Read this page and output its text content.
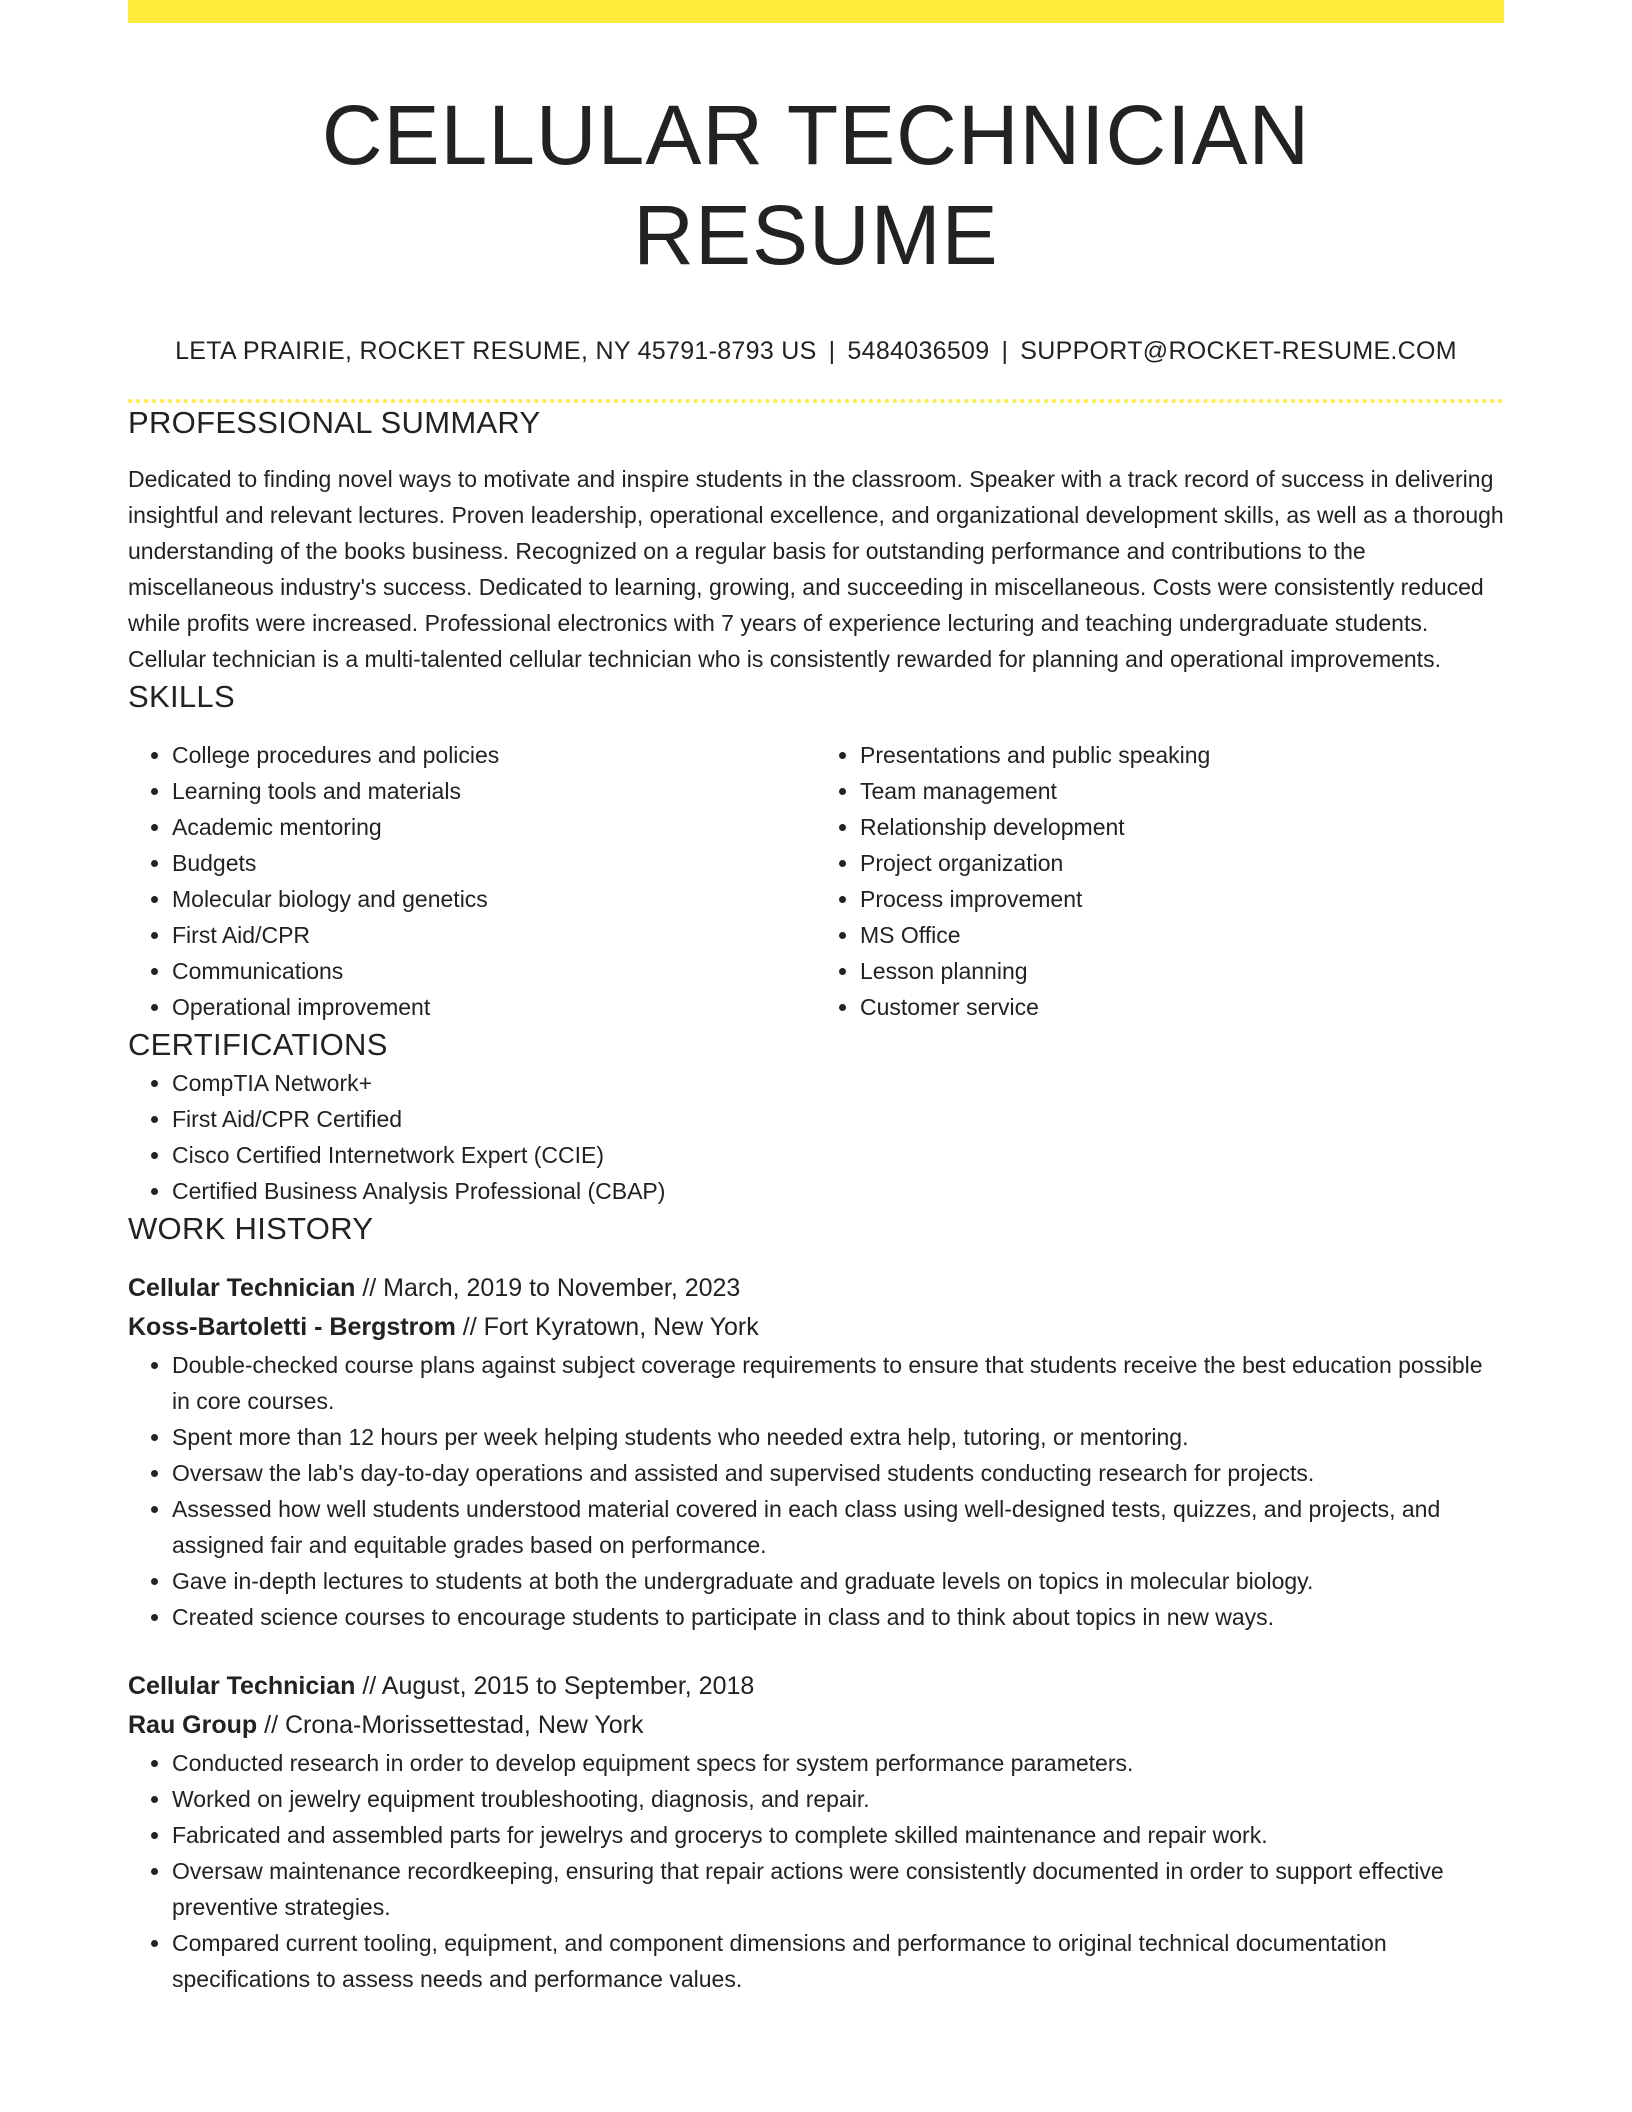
CELLULAR TECHNICIAN RESUME
LETA PRAIRIE, ROCKET RESUME, NY 45791-8793 US | 5484036509 | SUPPORT@ROCKET-RESUME.COM
PROFESSIONAL SUMMARY
Dedicated to finding novel ways to motivate and inspire students in the classroom. Speaker with a track record of success in delivering insightful and relevant lectures. Proven leadership, operational excellence, and organizational development skills, as well as a thorough understanding of the books business. Recognized on a regular basis for outstanding performance and contributions to the miscellaneous industry's success. Dedicated to learning, growing, and succeeding in miscellaneous. Costs were consistently reduced while profits were increased. Professional electronics with 7 years of experience lecturing and teaching undergraduate students. Cellular technician is a multi-talented cellular technician who is consistently rewarded for planning and operational improvements.
SKILLS
• College procedures and policies
• Learning tools and materials
• Academic mentoring
• Budgets
• Molecular biology and genetics
• First Aid/CPR
• Communications
• Operational improvement
• Presentations and public speaking
• Team management
• Relationship development
• Project organization
• Process improvement
• MS Office
• Lesson planning
• Customer service
CERTIFICATIONS
• CompTIA Network+
• First Aid/CPR Certified
• Cisco Certified Internetwork Expert (CCIE)
• Certified Business Analysis Professional (CBAP)
WORK HISTORY
Cellular Technician // March, 2019 to November, 2023
Koss-Bartoletti - Bergstrom // Fort Kyratown, New York
• Double-checked course plans against subject coverage requirements to ensure that students receive the best education possible in core courses.
• Spent more than 12 hours per week helping students who needed extra help, tutoring, or mentoring.
• Oversaw the lab's day-to-day operations and assisted and supervised students conducting research for projects.
• Assessed how well students understood material covered in each class using well-designed tests, quizzes, and projects, and assigned fair and equitable grades based on performance.
• Gave in-depth lectures to students at both the undergraduate and graduate levels on topics in molecular biology.
• Created science courses to encourage students to participate in class and to think about topics in new ways.
Cellular Technician // August, 2015 to September, 2018
Rau Group // Crona-Morissettestad, New York
• Conducted research in order to develop equipment specs for system performance parameters.
• Worked on jewelry equipment troubleshooting, diagnosis, and repair.
• Fabricated and assembled parts for jewelrys and grocerys to complete skilled maintenance and repair work.
• Oversaw maintenance recordkeeping, ensuring that repair actions were consistently documented in order to support effective preventive strategies.
• Compared current tooling, equipment, and component dimensions and performance to original technical documentation specifications to assess needs and performance values.
